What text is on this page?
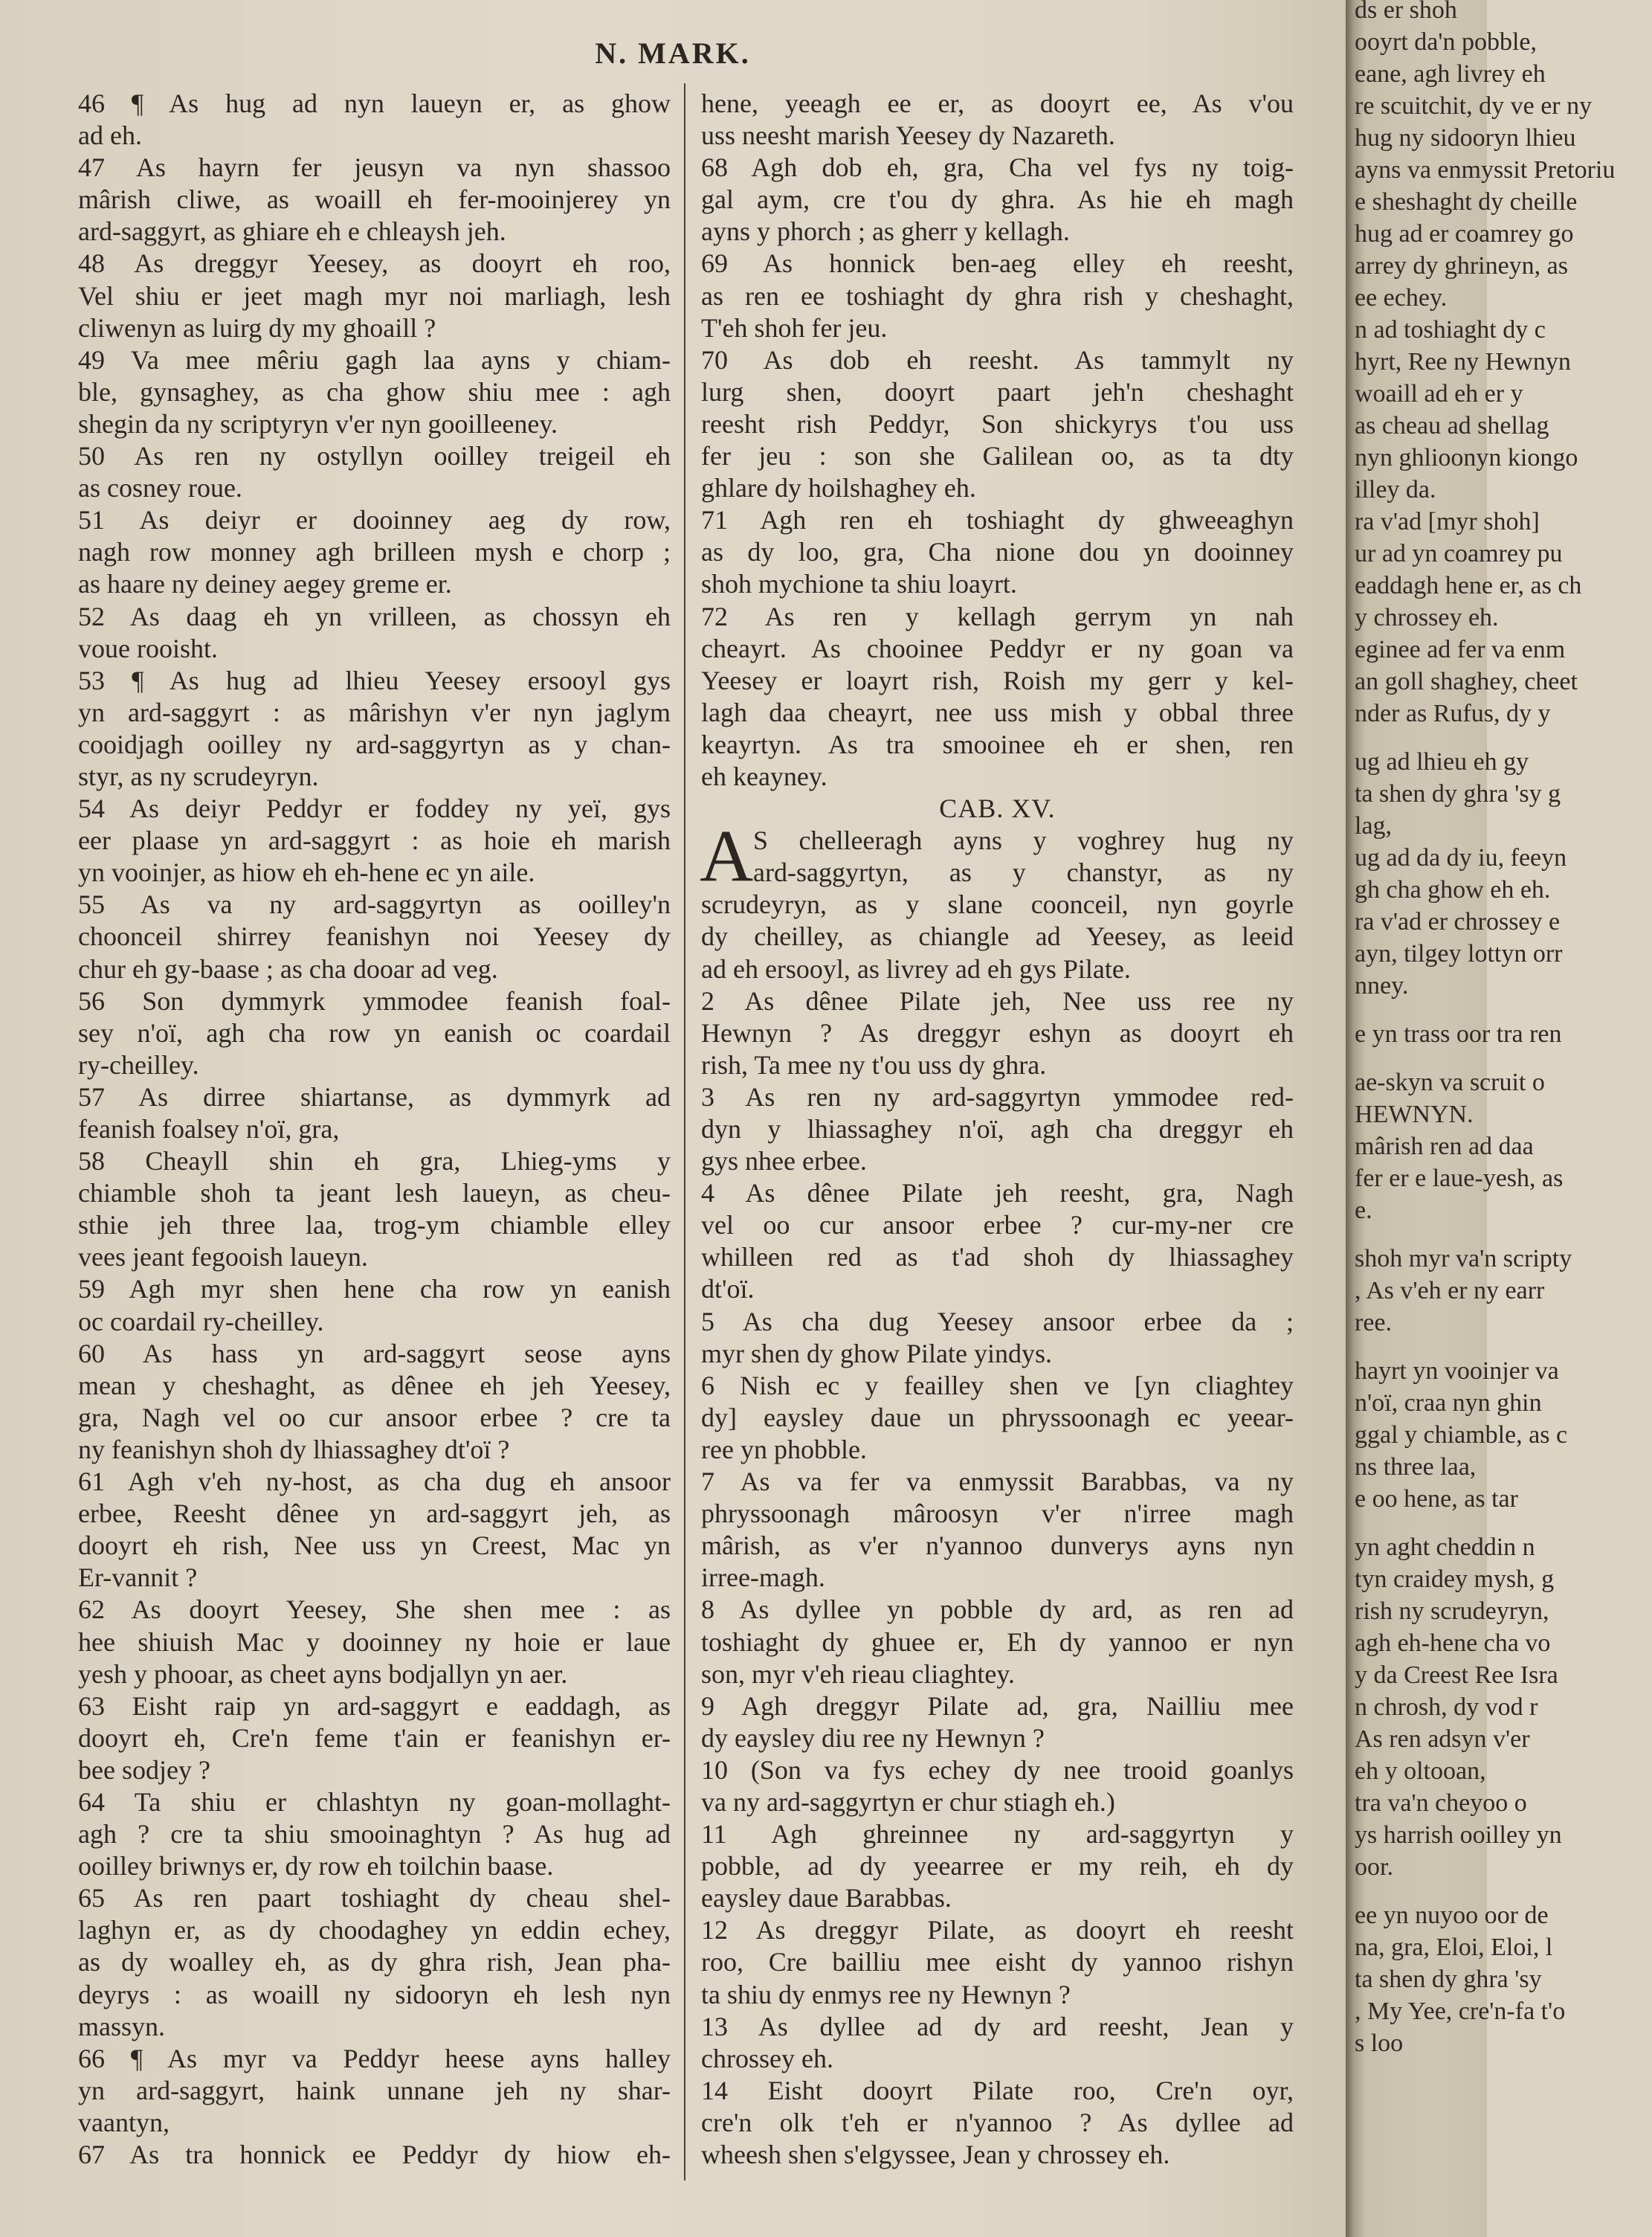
N. MARK.
46 ¶ As hug ad nyn laueyn er, as ghow
ad eh.
47 As hayrn fer jeusyn va nyn shassoo
mârish cliwe, as woaill eh fer-mooinjerey yn
ard-saggyrt, as ghiare eh e chleaysh jeh.
48 As dreggyr Yeesey, as dooyrt eh roo,
Vel shiu er jeet magh myr noi marliagh, lesh
cliwenyn as luirg dy my ghoaill ?
49 Va mee mêriu gagh laa ayns y chiam-
ble, gynsaghey, as cha ghow shiu mee : agh
shegin da ny scriptyryn v'er nyn gooilleeney.
50 As ren ny ostyllyn ooilley treigeil eh
as cosney roue.
51 As deiyr er dooinney aeg dy row,
nagh row monney agh brilleen mysh e chorp ;
as haare ny deiney aegey greme er.
52 As daag eh yn vrilleen, as chossyn eh
voue rooisht.
53 ¶ As hug ad lhieu Yeesey ersooyl gys
yn ard-saggyrt : as mârishyn v'er nyn jaglym
cooidjagh ooilley ny ard-saggyrtyn as y chan-
styr, as ny scrudeyryn.
54 As deiyr Peddyr er foddey ny yeï, gys
eer plaase yn ard-saggyrt : as hoie eh marish
yn vooinjer, as hiow eh eh-hene ec yn aile.
55 As va ny ard-saggyrtyn as ooilley'n
choonceil shirrey feanishyn noi Yeesey dy
chur eh gy-baase ; as cha dooar ad veg.
56 Son dymmyrk ymmodee feanish foal-
sey n'oï, agh cha row yn eanish oc coardail
ry-cheilley.
57 As dirree shiartanse, as dymmyrk ad
feanish foalsey n'oï, gra,
58 Cheayll shin eh gra, Lhieg-yms y
chiamble shoh ta jeant lesh laueyn, as cheu-
sthie jeh three laa, trog-ym chiamble elley
vees jeant fegooish laueyn.
59 Agh myr shen hene cha row yn eanish
oc coardail ry-cheilley.
60 As hass yn ard-saggyrt seose ayns
mean y cheshaght, as dênee eh jeh Yeesey,
gra, Nagh vel oo cur ansoor erbee ? cre ta
ny feanishyn shoh dy lhiassaghey dt'oï ?
61 Agh v'eh ny-host, as cha dug eh ansoor
erbee, Reesht dênee yn ard-saggyrt jeh, as
dooyrt eh rish, Nee uss yn Creest, Mac yn
Er-vannit ?
62 As dooyrt Yeesey, She shen mee : as
hee shiuish Mac y dooinney ny hoie er laue
yesh y phooar, as cheet ayns bodjallyn yn aer.
63 Eisht raip yn ard-saggyrt e eaddagh, as
dooyrt eh, Cre'n feme t'ain er feanishyn er-
bee sodjey ?
64 Ta shiu er chlashtyn ny goan-mollaght-
agh ? cre ta shiu smooinaghtyn ? As hug ad
ooilley briwnys er, dy row eh toilchin baase.
65 As ren paart toshiaght dy cheau shel-
laghyn er, as dy choodaghey yn eddin echey,
as dy woalley eh, as dy ghra rish, Jean pha-
deyrys : as woaill ny sidooryn eh lesh nyn
massyn.
66 ¶ As myr va Peddyr heese ayns halley
yn ard-saggyrt, haink unnane jeh ny shar-
vaantyn,
67 As tra honnick ee Peddyr dy hiow eh-
hene, yeeagh ee er, as dooyrt ee, As v'ou
uss neesht marish Yeesey dy Nazareth.
68 Agh dob eh, gra, Cha vel fys ny toig-
gal aym, cre t'ou dy ghra. As hie eh magh
ayns y phorch ; as gherr y kellagh.
69 As honnick ben-aeg elley eh reesht,
as ren ee toshiaght dy ghra rish y cheshaght,
T'eh shoh fer jeu.
70 As dob eh reesht. As tammylt ny
lurg shen, dooyrt paart jeh'n cheshaght
reesht rish Peddyr, Son shickyrys t'ou uss
fer jeu : son she Galilean oo, as ta dty
ghlare dy hoilshaghey eh.
71 Agh ren eh toshiaght dy ghweeaghyn
as dy loo, gra, Cha nione dou yn dooinney
shoh mychione ta shiu loayrt.
72 As ren y kellagh gerrym yn nah
cheayrt. As chooinee Peddyr er ny goan va
Yeesey er loayrt rish, Roish my gerr y kel-
lagh daa cheayrt, nee uss mish y obbal three
keayrtyn. As tra smooinee eh er shen, ren
eh keayney.
CAB. XV.
A S chelleeragh ayns y voghrey hug ny
ard-saggyrtyn, as y chanstyr, as ny
scrudeyryn, as y slane coonceil, nyn goyrle
dy cheilley, as chiangle ad Yeesey, as leeid
ad eh ersooyl, as livrey ad eh gys Pilate.
2 As dênee Pilate jeh, Nee uss ree ny
Hewnyn ? As dreggyr eshyn as dooyrt eh
rish, Ta mee ny t'ou uss dy ghra.
3 As ren ny ard-saggyrtyn ymmodee red-
dyn y lhiassaghey n'oï, agh cha dreggyr eh
gys nhee erbee.
4 As dênee Pilate jeh reesht, gra, Nagh
vel oo cur ansoor erbee ? cur-my-ner cre
whilleen red as t'ad shoh dy lhiassaghey
dt'oï.
5 As cha dug Yeesey ansoor erbee da ;
myr shen dy ghow Pilate yindys.
6 Nish ec y feailley shen ve [yn cliaghtey
dy] eaysley daue un phryssoonagh ec yeear-
ree yn phobble.
7 As va fer va enmyssit Barabbas, va ny
phryssoonagh mâroosyn v'er n'irree magh
mârish, as v'er n'yannoo dunverys ayns nyn
irree-magh.
8 As dyllee yn pobble dy ard, as ren ad
toshiaght dy ghuee er, Eh dy yannoo er nyn
son, myr v'eh rieau cliaghtey.
9 Agh dreggyr Pilate ad, gra, Nailliu mee
dy eaysley diu ree ny Hewnyn ?
10 (Son va fys echey dy nee trooid goanlys
va ny ard-saggyrtyn er chur stiagh eh.)
11 Agh ghreinnee ny ard-saggyrtyn y
pobble, ad dy yeearree er my reih, eh dy
eaysley daue Barabbas.
12 As dreggyr Pilate, as dooyrt eh reesht
roo, Cre bailliu mee eisht dy yannoo rishyn
ta shiu dy enmys ree ny Hewnyn ?
13 As dyllee ad dy ard reesht, Jean y
chrossey eh.
14 Eisht dooyrt Pilate roo, Cre'n oyr,
cre'n olk t'eh er n'yannoo ? As dyllee ad
wheesh shen s'elgyssee, Jean y chrossey eh.
ds er shoh
ooyrt da'n pobble,
eane, agh livrey eh
re scuitchit, dy ve er ny
hug ny sidooryn lhieu
ayns va enmyssit Pretoriu
e sheshaght dy cheille
hug ad er coamrey go
arrey dy ghrineyn, as
ee echey.
n ad toshiaght dy c
hyrt, Ree ny Hewnyn
woaill ad eh er y
as cheau ad shellag
nyn ghlioonyn kiongo
illey da.
ra v'ad [myr shoh]
ur ad yn coamrey pu
eaddagh hene er, as ch
y chrossey eh.
eginee ad fer va enm
an goll shaghey, cheet
nder as Rufus, dy y
ug ad lhieu eh gy
ta shen dy ghra 'sy g
lag,
ug ad da dy iu, feeyn
gh cha ghow eh eh.
ra v'ad er chrossey e
ayn, tilgey lottyn orr
nney.
e yn trass oor tra ren
ae-skyn va scruit o
HEWNYN.
mârish ren ad daa
fer er e laue-yesh, as
e.
shoh myr va'n scripty
, As v'eh er ny earr
ree.
hayrt yn vooinjer va
n'oï, craa nyn ghin
ggal y chiamble, as c
ns three laa,
e oo hene, as tar
yn aght cheddin n
tyn craidey mysh, g
rish ny scrudeyryn,
agh eh-hene cha vo
y da Creest Ree Isra
n chrosh, dy vod r
As ren adsyn v'er
eh y oltooan,
tra va'n cheyoo o
ys harrish ooilley yn
oor.
ee yn nuyoo oor de
na, gra, Eloi, Eloi, l
ta shen dy ghra 'sy
, My Yee, cre'n-fa t'o
s loo
